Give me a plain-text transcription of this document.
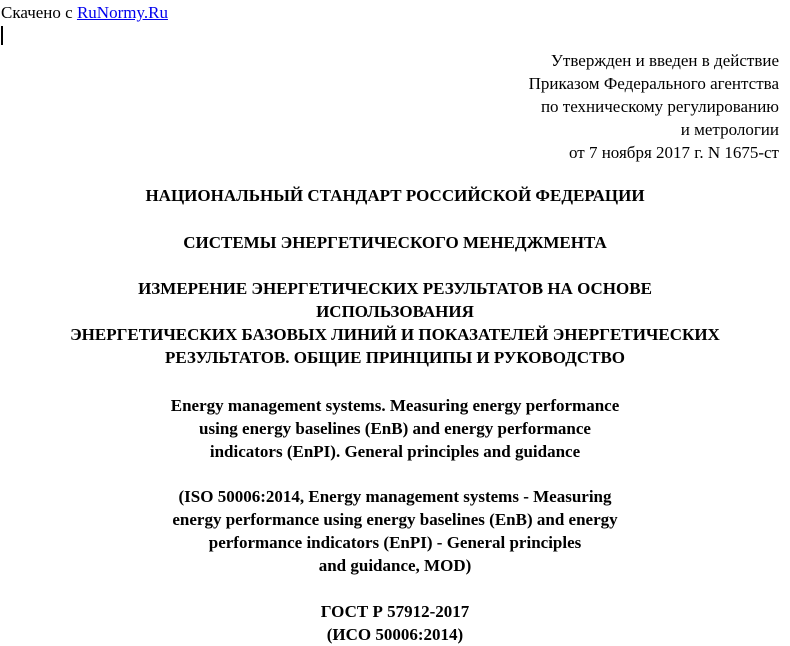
Скачено с RuNormy.Ru
Утвержден и введен в действие
Приказом Федерального агентства
по техническому регулированию
и метрологии
от 7 ноября 2017 г. N 1675-ст
НАЦИОНАЛЬНЫЙ СТАНДАРТ РОССИЙСКОЙ ФЕДЕРАЦИИ
СИСТЕМЫ ЭНЕРГЕТИЧЕСКОГО МЕНЕДЖМЕНТА
ИЗМЕРЕНИЕ ЭНЕРГЕТИЧЕСКИХ РЕЗУЛЬТАТОВ НА ОСНОВЕ
ИСПОЛЬЗОВАНИЯ
ЭНЕРГЕТИЧЕСКИХ БАЗОВЫХ ЛИНИЙ И ПОКАЗАТЕЛЕЙ ЭНЕРГЕТИЧЕСКИХ
РЕЗУЛЬТАТОВ. ОБЩИЕ ПРИНЦИПЫ И РУКОВОДСТВО
Energy management systems. Measuring energy performance
using energy baselines (EnB) and energy performance
indicators (EnPI). General principles and guidance
(ISO 50006:2014, Energy management systems - Measuring
energy performance using energy baselines (EnB) and energy
performance indicators (EnPI) - General principles
and guidance, MOD)
ГОСТ Р 57912-2017
(ИСО 50006:2014)
